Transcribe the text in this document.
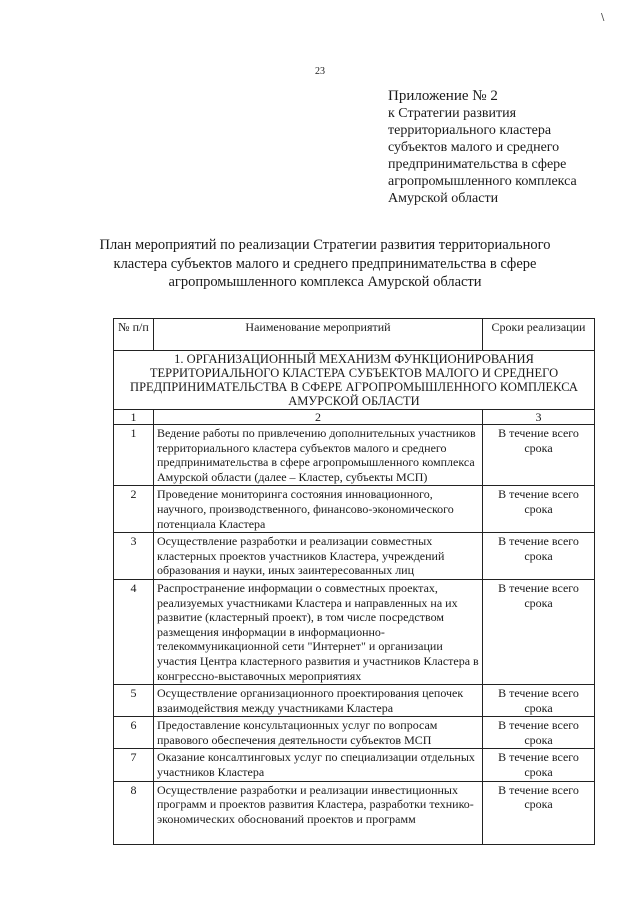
\
23
Приложение № 2
к Стратегии развития
территориального кластера
субъектов малого и среднего
предпринимательства в сфере
агропромышленного комплекса
Амурской области
План мероприятий по реализации Стратегии развития территориального кластера субъектов малого и среднего предпринимательства в сфере агропромышленного комплекса Амурской области
№ п/п	Наименование мероприятий	Сроки реализации
1. ОРГАНИЗАЦИОННЫЙ МЕХАНИЗМ ФУНКЦИОНИРОВАНИЯ ТЕРРИТОРИАЛЬНОГО КЛАСТЕРА СУБЪЕКТОВ МАЛОГО И СРЕДНЕГО ПРЕДПРИНИМАТЕЛЬСТВА В СФЕРЕ АГРОПРОМЫШЛЕННОГО КОМПЛЕКСА АМУРСКОЙ ОБЛАСТИ		
1	2	3
1	Ведение работы по привлечению дополнительных участников территориального кластера субъектов малого и среднего предпринимательства в сфере агропромышленного комплекса Амурской области (далее – Кластер, субъекты МСП)	В течение всего срока
2	Проведение мониторинга состояния инновационного, научного, производственного, финансово-экономического потенциала Кластера	В течение всего срока
3	Осуществление разработки и реализации совместных кластерных проектов участников Кластера, учреждений образования и науки, иных заинтересованных лиц	В течение всего срока
4	Распространение информации о совместных проектах, реализуемых участниками Кластера и направленных на их развитие (кластерный проект), в том числе посредством размещения информации в информационно-телекоммуникационной сети "Интернет" и организации участия Центра кластерного развития и участников Кластера в конгрессно-выставочных мероприятиях	В течение всего срока
5	Осуществление организационного проектирования цепочек взаимодействия между участниками Кластера	В течение всего срока
6	Предоставление консультационных услуг по вопросам правового обеспечения деятельности субъектов МСП	В течение всего срока
7	Оказание консалтинговых услуг по специализации отдельных участников Кластера	В течение всего срока
8	Осуществление разработки и реализации инвестиционных программ и проектов развития Кластера, разработки технико-экономических обоснований проектов и программ	В течение всего срока
